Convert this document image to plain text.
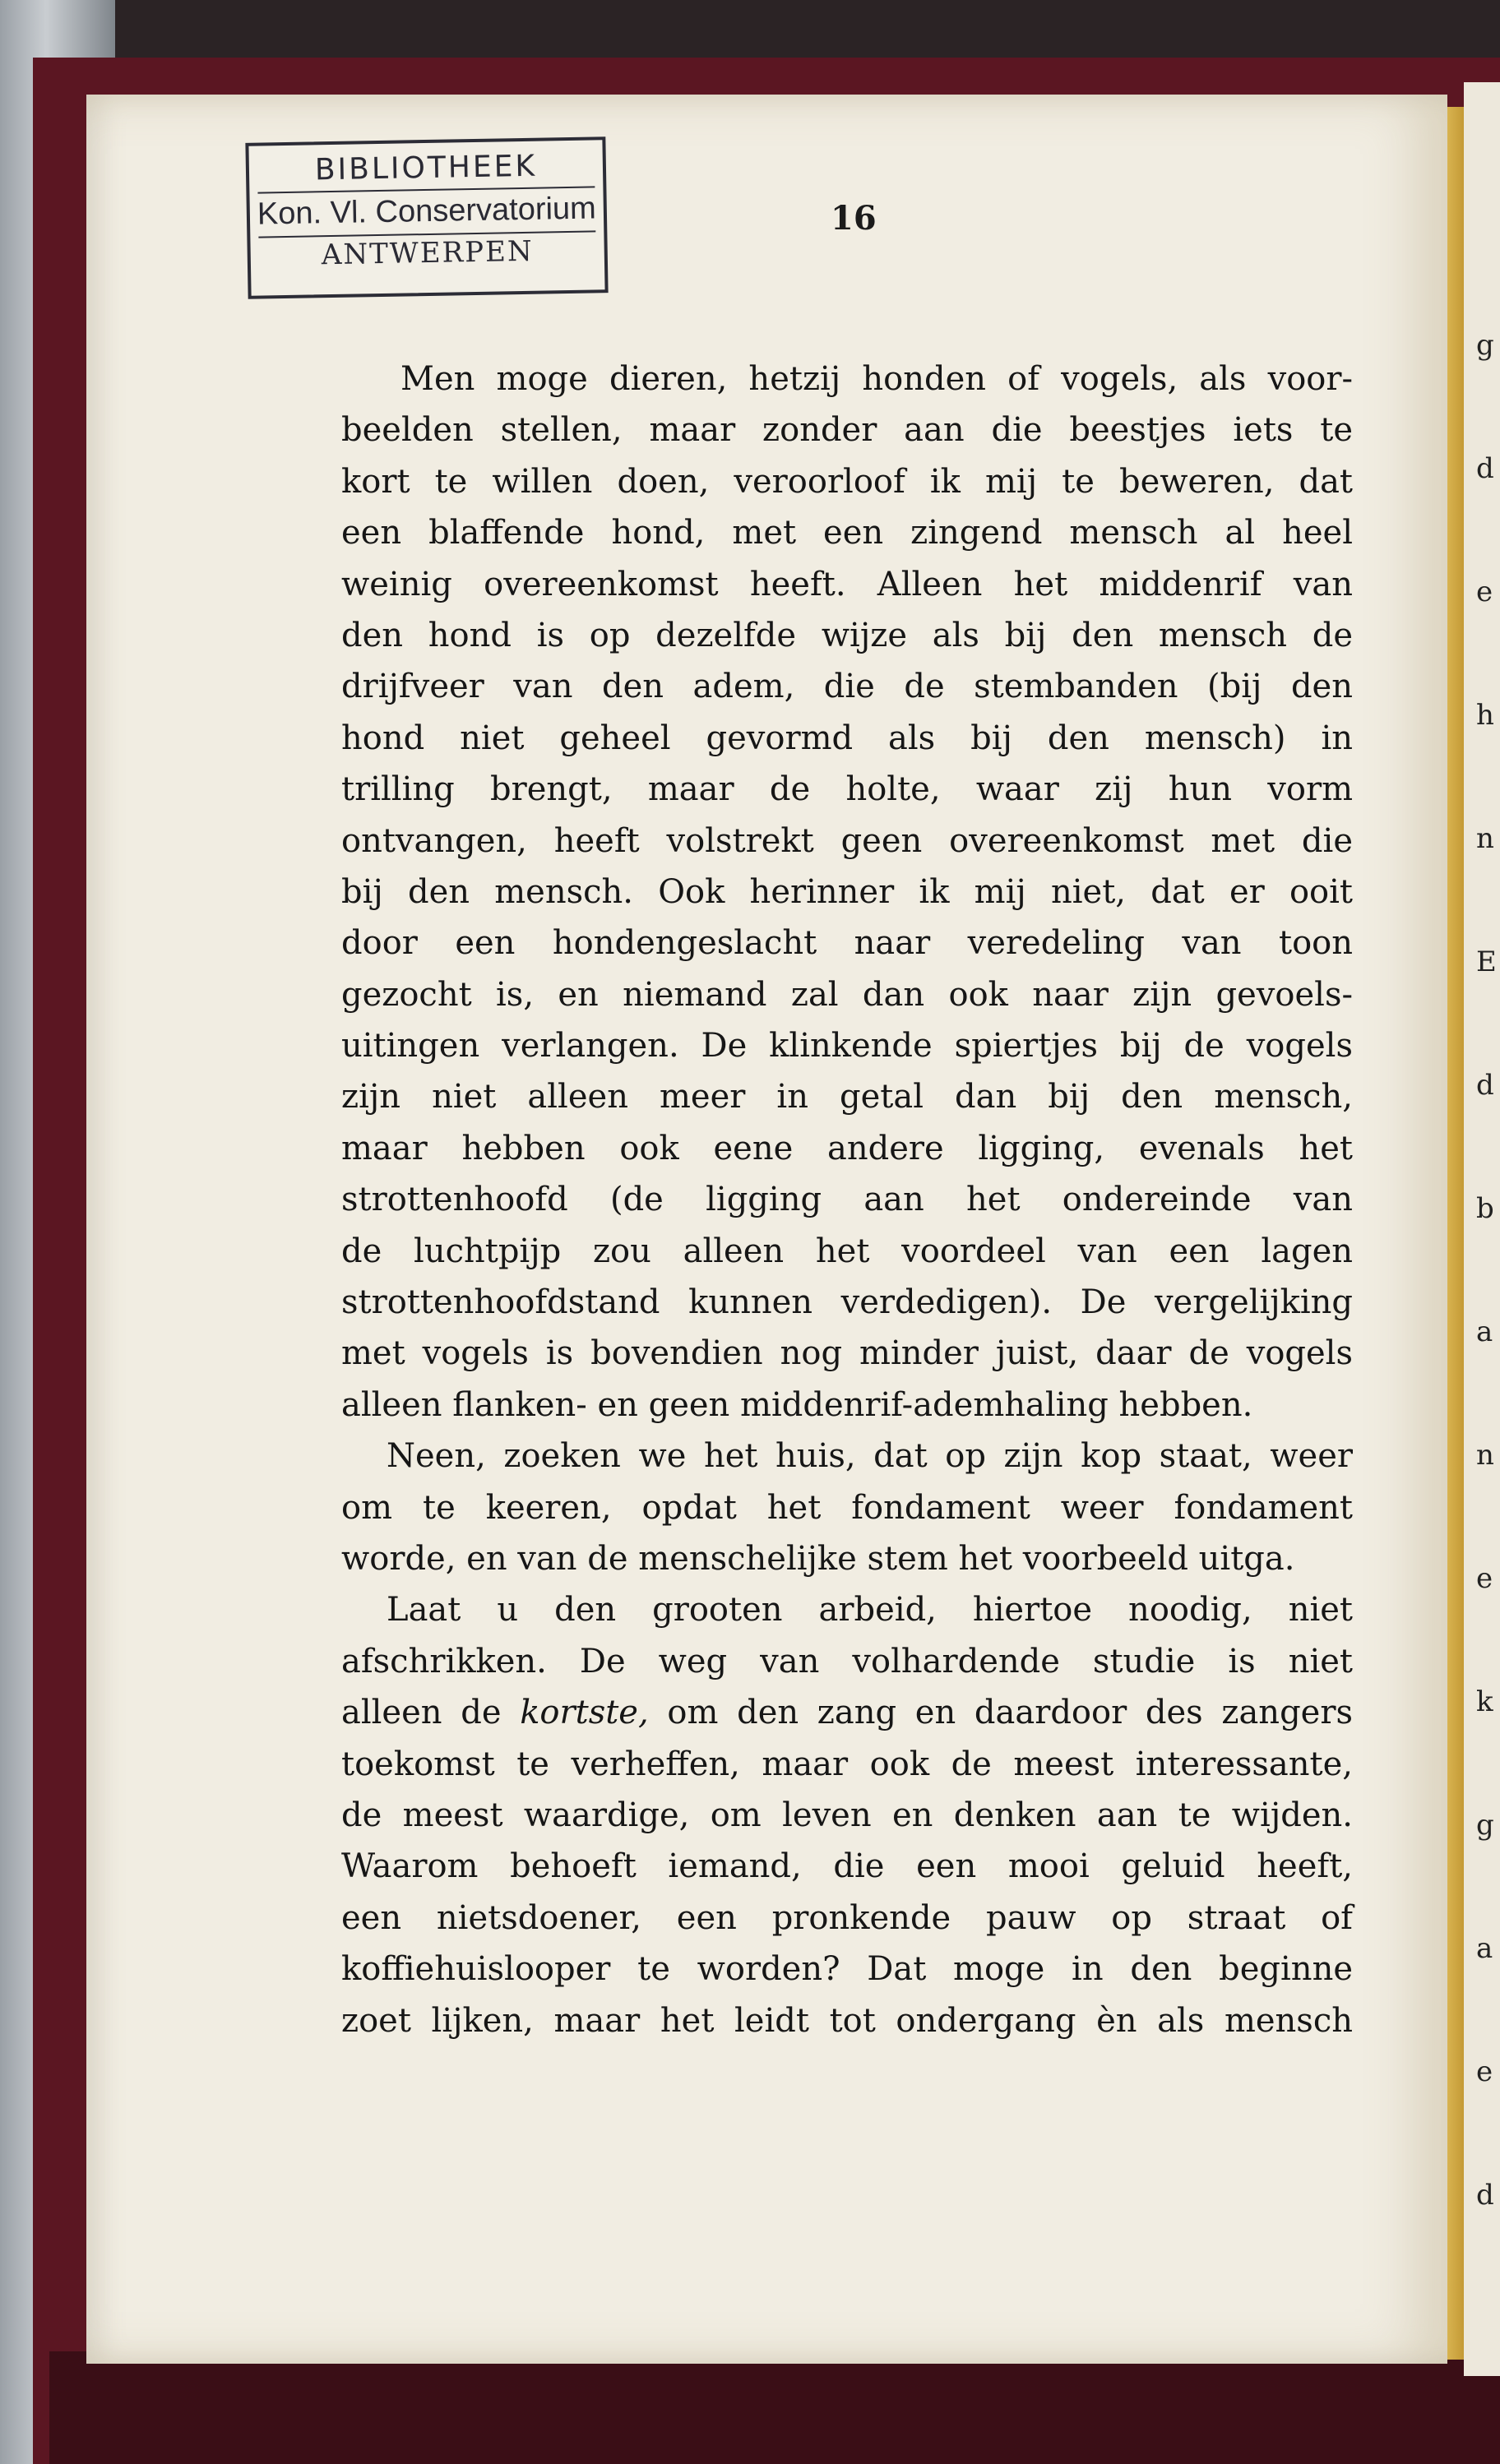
BIBLIOTHEEK
Kon. Vl. Conservatorium
ANTWERPEN
16
Men moge dieren, hetzij honden of vogels, als voor-
beelden stellen, maar zonder aan die beestjes iets te
kort te willen doen, veroorloof ik mij te beweren, dat
een blaffende hond, met een zingend mensch al heel
weinig overeenkomst heeft. Alleen het middenrif van
den hond is op dezelfde wijze als bij den mensch de
drijfveer van den adem, die de stembanden (bij den
hond niet geheel gevormd als bij den mensch) in
trilling brengt, maar de holte, waar zij hun vorm
ontvangen, heeft volstrekt geen overeenkomst met die
bij den mensch. Ook herinner ik mij niet, dat er ooit
door een hondengeslacht naar veredeling van toon
gezocht is, en niemand zal dan ook naar zijn gevoels-
uitingen verlangen. De klinkende spiertjes bij de vogels
zijn niet alleen meer in getal dan bij den mensch,
maar hebben ook eene andere ligging, evenals het
strottenhoofd (de ligging aan het ondereinde van
de luchtpijp zou alleen het voordeel van een lagen
strottenhoofdstand kunnen verdedigen). De vergelijking
met vogels is bovendien nog minder juist, daar de vogels
alleen flanken- en geen middenrif-ademhaling hebben.
Neen, zoeken we het huis, dat op zijn kop staat, weer
om te keeren, opdat het fondament weer fondament
worde, en van de menschelijke stem het voorbeeld uitga.
Laat u den grooten arbeid, hiertoe noodig, niet
afschrikken. De weg van volhardende studie is niet
alleen de kortste, om den zang en daardoor des zangers
toekomst te verheffen, maar ook de meest interessante,
de meest waardige, om leven en denken aan te wijden.
Waarom behoeft iemand, die een mooi geluid heeft,
een nietsdoener, een pronkende pauw op straat of
koffiehuislooper te worden? Dat moge in den beginne
zoet lijken, maar het leidt tot ondergang èn als mensch
g
d
e
h
n
E
d
b
a
n
e
k
g
a
e
d
